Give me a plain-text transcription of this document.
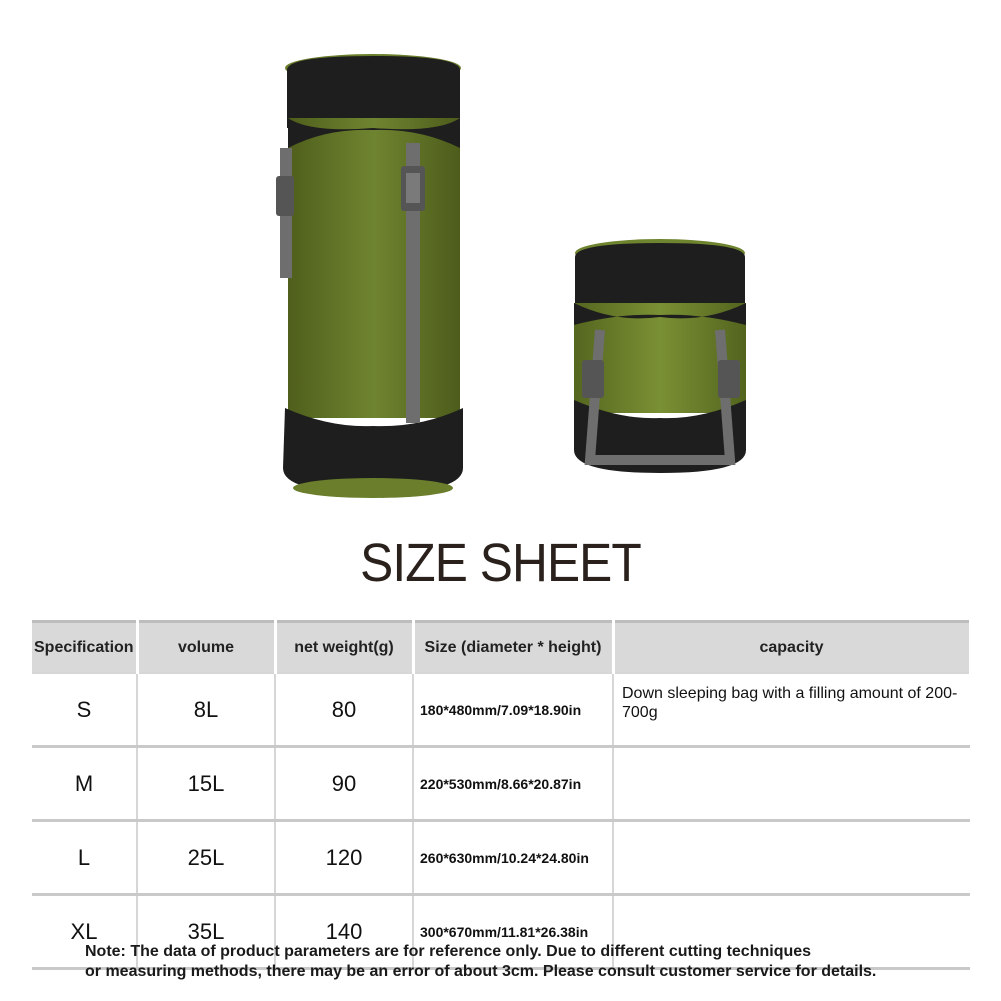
SIZE SHEET
Specification	volume	net weight(g)	Size (diameter * height)	capacity
S	8L	80	180*480mm/7.09*18.90in	Down sleeping bag with a filling amount of 200-700g
M	15L	90	220*530mm/8.66*20.87in	
L	25L	120	260*630mm/10.24*24.80in	
XL	35L	140	300*670mm/11.81*26.38in	
Note: The data of product parameters are for reference only. Due to different cutting techniques
or measuring methods, there may be an error of about 3cm. Please consult customer service for details.
